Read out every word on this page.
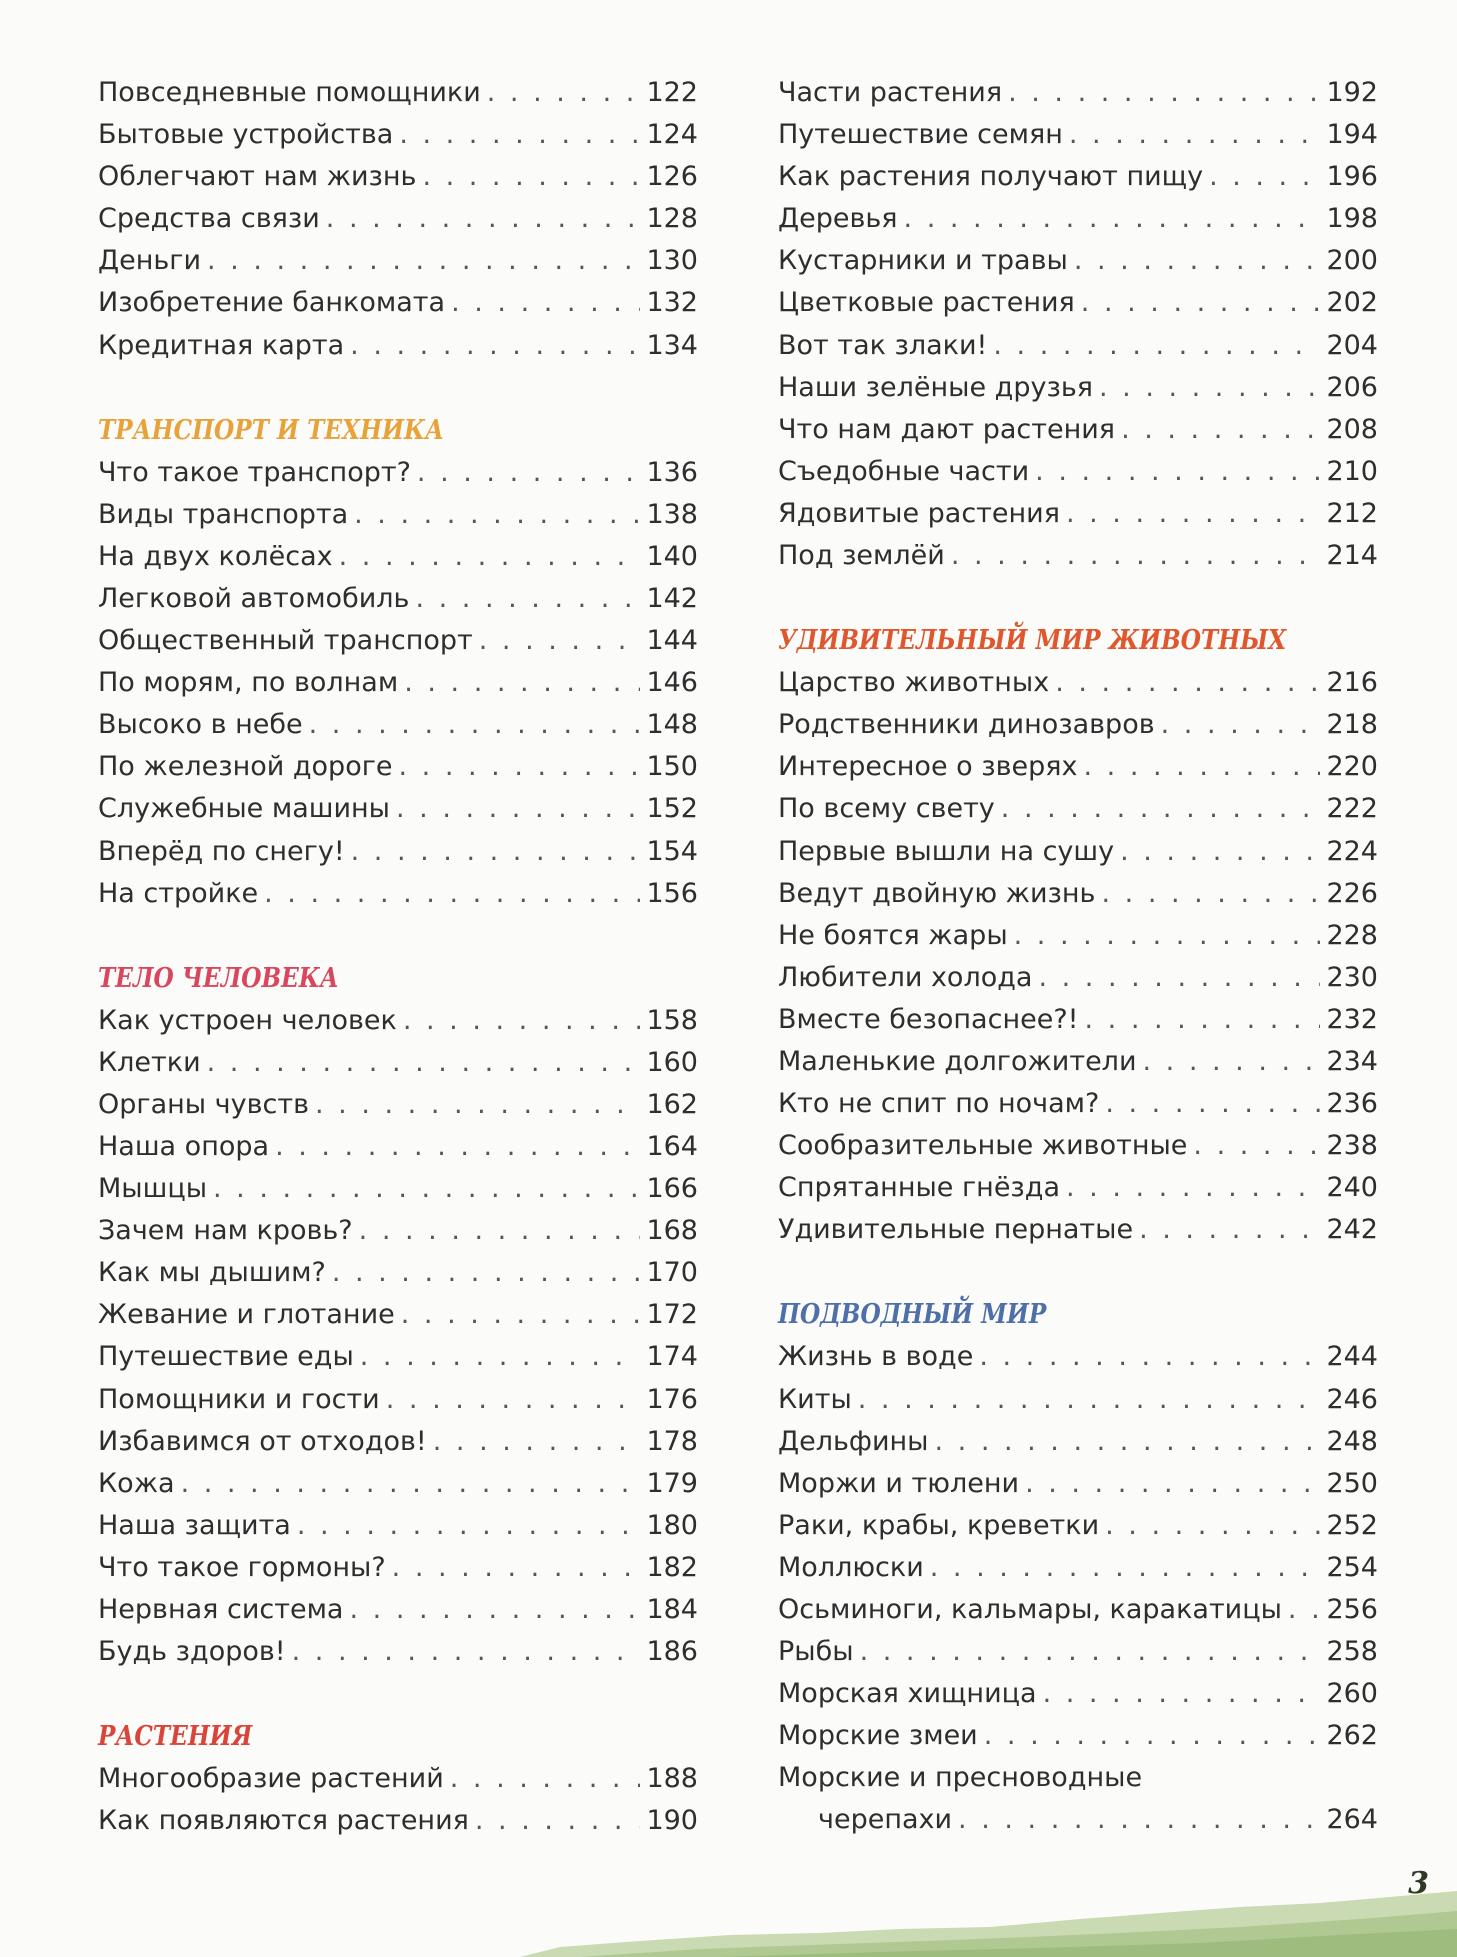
Повседневные помощники . . .	122
Бытовые устройства . . .	124
Облегчают нам жизнь . . .	126
Средства связи . . .	128
Деньги . . .	130
Изобретение банкомата . . .	132
Кредитная карта . . .	134
ТРАНСПОРТ И ТЕХНИКА
Что такое транспорт? . . .	136
Виды транспорта . . .	138
На двух колёсах . . .	140
Легковой автомобиль . . .	142
Общественный транспорт . . .	144
По морям, по волнам . . .	146
Высоко в небе . . .	148
По железной дороге . . .	150
Служебные машины . . .	152
Вперёд по снегу! . . .	154
На стройке . . .	156
ТЕЛО ЧЕЛОВЕКА
Как устроен человек . . .	158
Клетки . . .	160
Органы чувств . . .	162
Наша опора . . .	164
Мышцы . . .	166
Зачем нам кровь? . . .	168
Как мы дышим? . . .	170
Жевание и глотание . . .	172
Путешествие еды . . .	174
Помощники и гости . . .	176
Избавимся от отходов! . . .	178
Кожа . . .	179
Наша защита . . .	180
Что такое гормоны? . . .	182
Нервная система . . .	184
Будь здоров! . . .	186
РАСТЕНИЯ
Многообразие растений . . .	188
Как появляются растения . . .	190
Части растения . . .	192
Путешествие семян . . .	194
Как растения получают пищу . . .	196
Деревья . . .	198
Кустарники и травы . . .	200
Цветковые растения . . .	202
Вот так злаки! . . .	204
Наши зелёные друзья . . .	206
Что нам дают растения . . .	208
Съедобные части . . .	210
Ядовитые растения . . .	212
Под землёй . . .	214
УДИВИТЕЛЬНЫЙ МИР ЖИВОТНЫХ
Царство животных . . .	216
Родственники динозавров . . .	218
Интересное о зверях . . .	220
По всему свету . . .	222
Первые вышли на сушу . . .	224
Ведут двойную жизнь . . .	226
Не боятся жары . . .	228
Любители холода . . .	230
Вместе безопаснее?! . . .	232
Маленькие долгожители . . .	234
Кто не спит по ночам? . . .	236
Сообразительные животные . . .	238
Спрятанные гнёзда . . .	240
Удивительные пернатые . . .	242
ПОДВОДНЫЙ МИР
Жизнь в воде . . .	244
Киты . . .	246
Дельфины . . .	248
Моржи и тюлени . . .	250
Раки, крабы, креветки . . .	252
Моллюски . . .	254
Осьминоги, кальмары, каракатицы . . . 256
Рыбы . . .	258
Морская хищница . . .	260
Морские змеи . . .	262
Морские и пресноводные
черепахи . . .	264
3
